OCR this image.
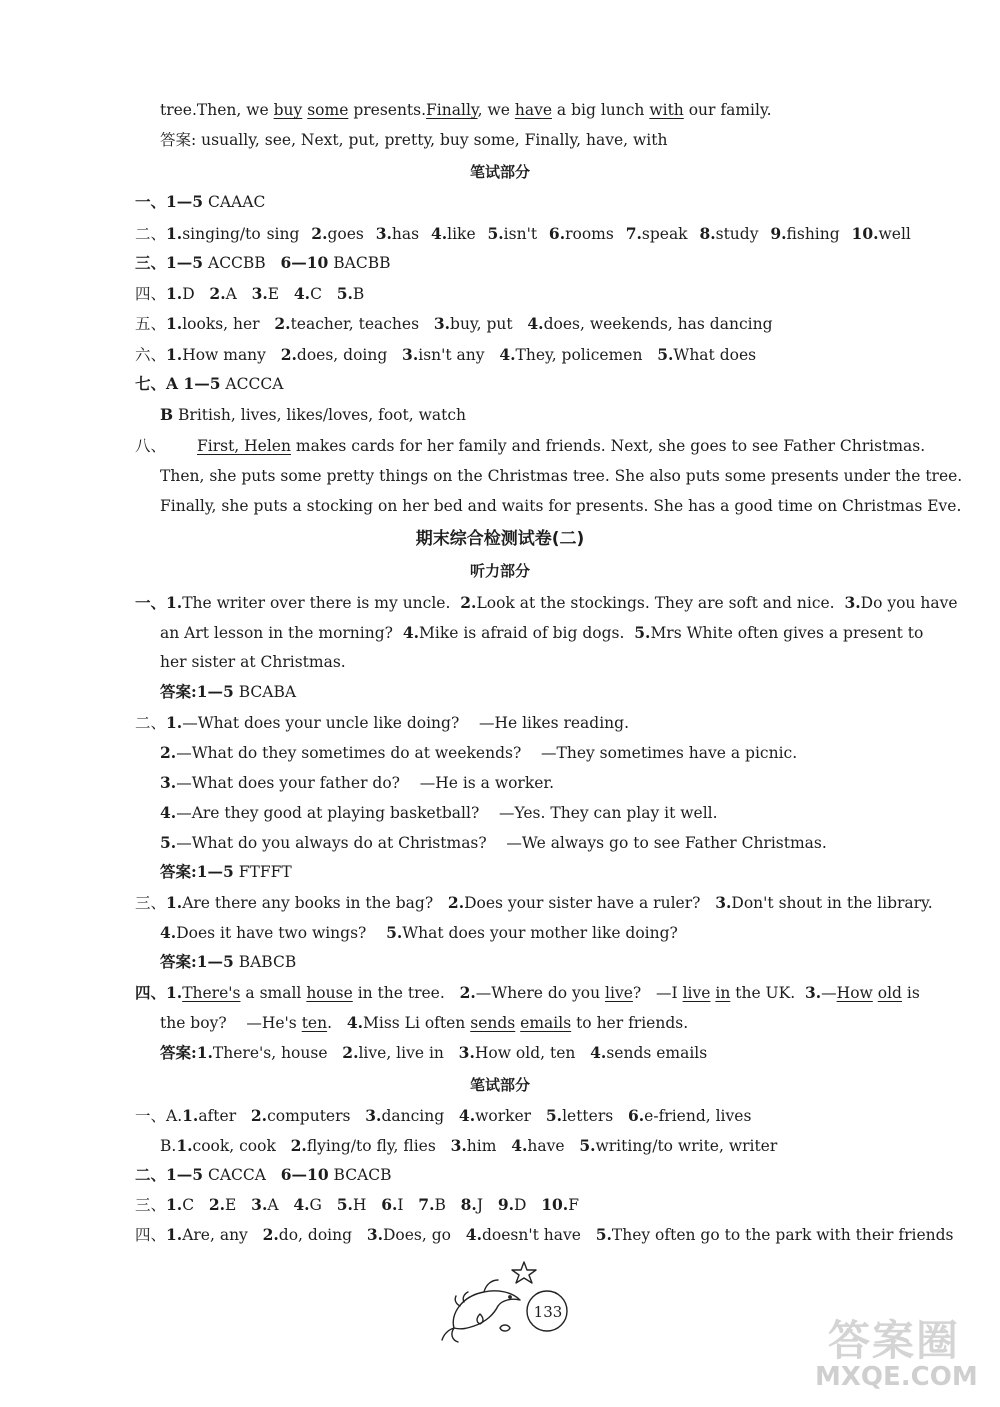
tree.Then, we buy some presents.Finally, we have a big lunch with our family.
答案: usually, see, Next, put, pretty, buy some, Finally, have, with
笔试部分
一、1—5 CAAAC
二、1.singing/to sing 2.goes 3.has 4.like 5.isn't 6.rooms 7.speak 8.study 9.fishing 10.well
三、1—5 ACCBB 6—10 BACBB
四、1.D 2.A 3.E 4.C 5.B
五、1.looks, her 2.teacher, teaches 3.buy, put 4.does, weekends, has dancing
六、1.How many 2.does, doing 3.isn't any 4.They, policemen 5.What does
七、A 1—5 ACCCA
B British, lives, likes/loves, foot, watch
八、	First, Helen makes cards for her family and friends. Next, she goes to see Father Christmas.
Then, she puts some pretty things on the Christmas tree. She also puts some presents under the tree.
Finally, she puts a stocking on her bed and waits for presents. She has a good time on Christmas Eve.
期末综合检测试卷(二)
听力部分
一、1.The writer over there is my uncle. 2.Look at the stockings. They are soft and nice. 3.Do you have
an Art lesson in the morning? 4.Mike is afraid of big dogs. 5.Mrs White often gives a present to
her sister at Christmas.
答案:1—5 BCABA
二、1.—What does your uncle like doing? —He likes reading.
2.—What do they sometimes do at weekends? —They sometimes have a picnic.
3.—What does your father do? —He is a worker.
4.—Are they good at playing basketball? —Yes. They can play it well.
5.—What do you always do at Christmas? —We always go to see Father Christmas.
答案:1—5 FTFFT
三、1.Are there any books in the bag? 2.Does your sister have a ruler? 3.Don't shout in the library.
4.Does it have two wings? 5.What does your mother like doing?
答案:1—5 BABCB
四、1.There's a small house in the tree. 2.—Where do you live? —I live in the UK. 3.—How old is
the boy? —He's ten. 4.Miss Li often sends emails to her friends.
答案:1.There's, house 2.live, live in 3.How old, ten 4.sends emails
笔试部分
一、A.1.after 2.computers 3.dancing 4.worker 5.letters 6.e-friend, lives
B.1.cook, cook 2.flying/to fly, flies 3.him 4.have 5.writing/to write, writer
二、1—5 CACCA 6—10 BCACB
三、1.C 2.E 3.A 4.G 5.H 6.I 7.B 8.J 9.D 10.F
四、1.Are, any 2.do, doing 3.Does, go 4.doesn't have 5.They often go to the park with their friends
133
答案圈
MXQE.COM
